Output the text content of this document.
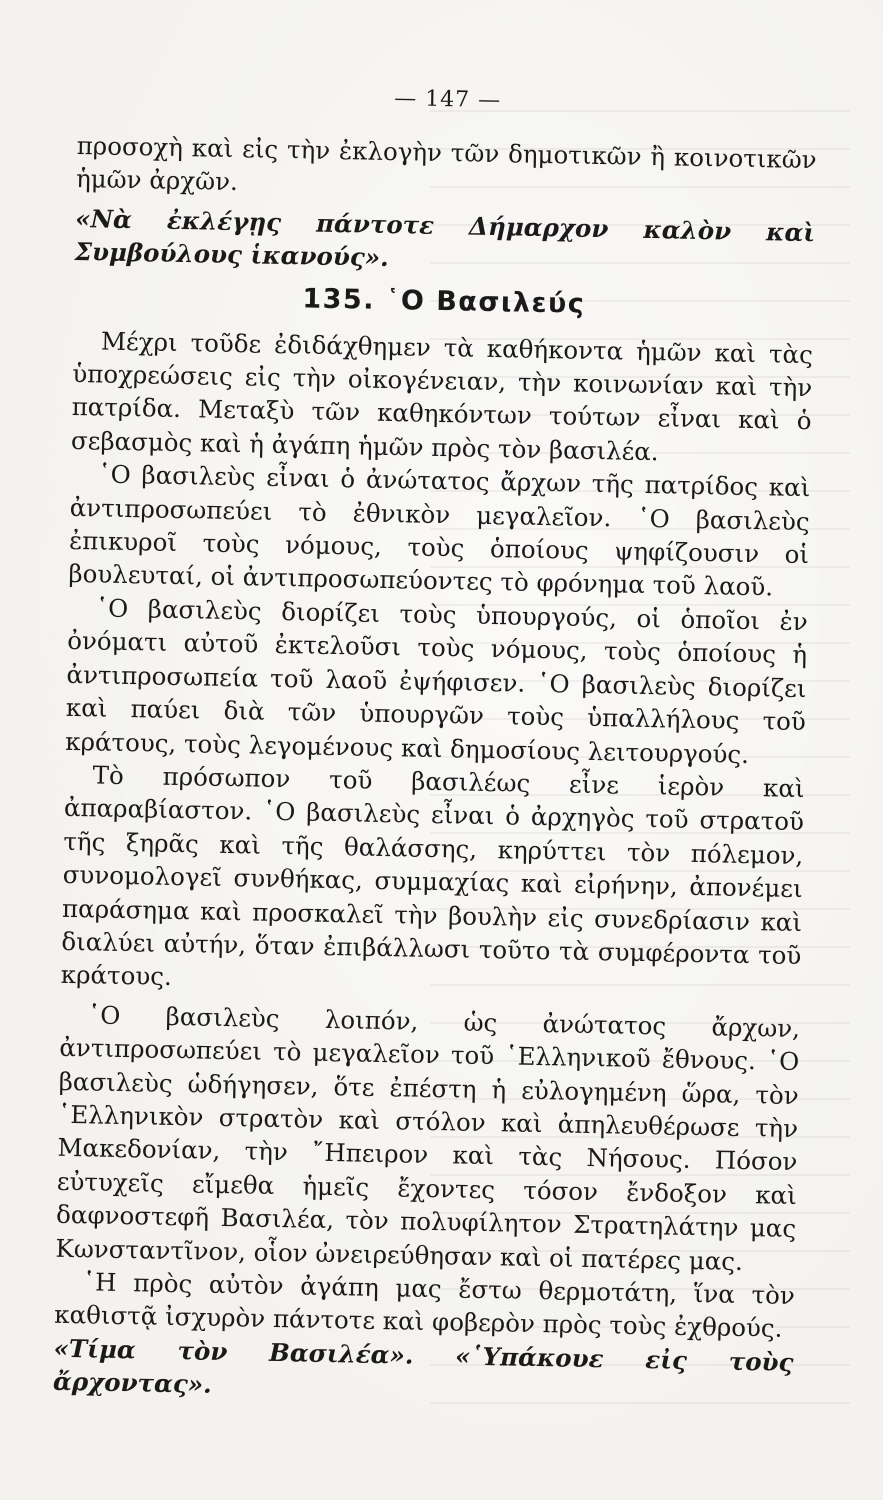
— 147 —

προσοχὴ καὶ εἰς τὴν ἐκλογὴν τῶν δημοτικῶν ἢ κοινοτικῶν ἡμῶν ἀρχῶν.

«Νὰ ἐκλέγῃς πάντοτε Δήμαρχον καλὸν καὶ Συμβούλους ἱκανούς».

135. ῾Ο Βασιλεύς

Μέχρι τοῦδε ἐδιδάχθημεν τὰ καθήκοντα ἡμῶν καὶ τὰς ὑποχρεώσεις εἰς τὴν οἰκογένειαν, τὴν κοινωνίαν καὶ τὴν πατρίδα. Μεταξὺ τῶν καθηκόντων τούτων εἶναι καὶ ὁ σεβασμὸς καὶ ἡ ἀγάπη ἡμῶν πρὸς τὸν βασιλέα.

῾Ο βασιλεὺς εἶναι ὁ ἀνώτατος ἄρχων τῆς πατρίδος καὶ ἀντιπροσωπεύει τὸ ἐθνικὸν μεγαλεῖον. ῾Ο βασιλεὺς ἐπικυροῖ τοὺς νόμους, τοὺς ὁποίους ψηφίζουσιν οἱ βουλευταί, οἱ ἀντιπροσωπεύοντες τὸ φρόνημα τοῦ λαοῦ.

῾Ο βασιλεὺς διορίζει τοὺς ὑπουργούς, οἱ ὁποῖοι ἐν ὀνόματι αὐτοῦ ἐκτελοῦσι τοὺς νόμους, τοὺς ὁποίους ἡ ἀντιπροσωπεία τοῦ λαοῦ ἐψήφισεν. ῾Ο βασιλεὺς διορίζει καὶ παύει διὰ τῶν ὑπουργῶν τοὺς ὑπαλλήλους τοῦ κράτους, τοὺς λεγομένους καὶ δημοσίους λειτουργούς.

Τὸ πρόσωπον τοῦ βασιλέως εἶνε ἱερὸν καὶ ἀπαραβίαστον. ῾Ο βασιλεὺς εἶναι ὁ ἀρχηγὸς τοῦ στρατοῦ τῆς ξηρᾶς καὶ τῆς θαλάσσης, κηρύττει τὸν πόλεμον, συνομολογεῖ συνθήκας, συμμαχίας καὶ εἰρήνην, ἀπονέμει παράσημα καὶ προσκαλεῖ τὴν βουλὴν εἰς συνεδρίασιν καὶ διαλύει αὐτήν, ὅταν ἐπιβάλλωσι τοῦτο τὰ συμφέροντα τοῦ κράτους.

῾Ο βασιλεὺς λοιπόν, ὡς ἀνώτατος ἄρχων, ἀντιπροσωπεύει τὸ μεγαλεῖον τοῦ ῾Ελληνικοῦ ἔθνους. ῾Ο βασιλεὺς ὡδήγησεν, ὅτε ἐπέστη ἡ εὐλογημένη ὥρα, τὸν ῾Ελληνικὸν στρατὸν καὶ στόλον καὶ ἀπηλευθέρωσε τὴν Μακεδονίαν, τὴν ῎Ηπειρον καὶ τὰς Νήσους. Πόσον εὐτυχεῖς εἴμεθα ἡμεῖς ἔχοντες τόσον ἔνδοξον καὶ δαφνοστεφῆ Βασιλέα, τὸν πολυφίλητον Στρατηλάτην μας Κωνσταντῖνον, οἷον ὠνειρεύθησαν καὶ οἱ πατέρες μας.

῾Η πρὸς αὐτὸν ἀγάπη μας ἔστω θερμοτάτη, ἵνα τὸν καθιστᾷ ἰσχυρὸν πάντοτε καὶ φοβερὸν πρὸς τοὺς ἐχθρούς.

«Τίμα τὸν Βασιλέα». «῾Υπάκουε εἰς τοὺς ἄρχοντας».
